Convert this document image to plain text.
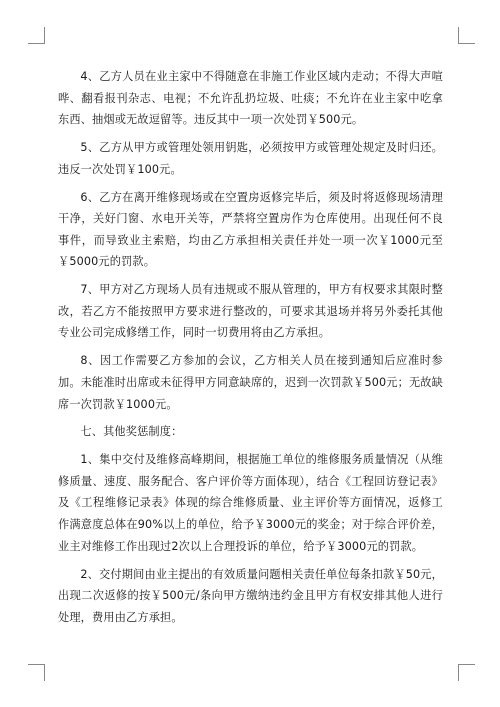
4、乙方人员在业主家中不得随意在非施工作业区域内走动；不得大声喧哗、翻看报刊杂志、电视；不允许乱扔垃圾、吐痰；不允许在业主家中吃拿东西、抽烟或无故逗留等。违反其中一项一次处罚￥500元。

5、乙方从甲方或管理处领用钥匙，必须按甲方或管理处规定及时归还。违反一次处罚￥100元。

6、乙方在离开维修现场或在空置房返修完毕后，须及时将返修现场清理干净，关好门窗、水电开关等，严禁将空置房作为仓库使用。出现任何不良事件，而导致业主索赔，均由乙方承担相关责任并处一项一次￥1000元至￥5000元的罚款。

7、甲方对乙方现场人员有违规或不服从管理的，甲方有权要求其限时整改，若乙方不能按照甲方要求进行整改的，可要求其退场并将另外委托其他专业公司完成修缮工作，同时一切费用将由乙方承担。

8、因工作需要乙方参加的会议，乙方相关人员在接到通知后应准时参加。未能准时出席或未征得甲方同意缺席的，迟到一次罚款￥500元；无故缺席一次罚款￥1000元。

七、其他奖惩制度：

1、集中交付及维修高峰期间，根据施工单位的维修服务质量情况（从维修质量、速度、服务配合、客户评价等方面体现），结合《工程回访登记表》及《工程维修记录表》体现的综合维修质量、业主评价等方面情况，返修工作满意度总体在90%以上的单位，给予￥3000元的奖金；对于综合评价差，业主对维修工作出现过2次以上合理投诉的单位，给予￥3000元的罚款。

2、交付期间由业主提出的有效质量问题相关责任单位每条扣款￥50元，出现二次返修的按￥500元/条向甲方缴纳违约金且甲方有权安排其他人进行处理，费用由乙方承担。
